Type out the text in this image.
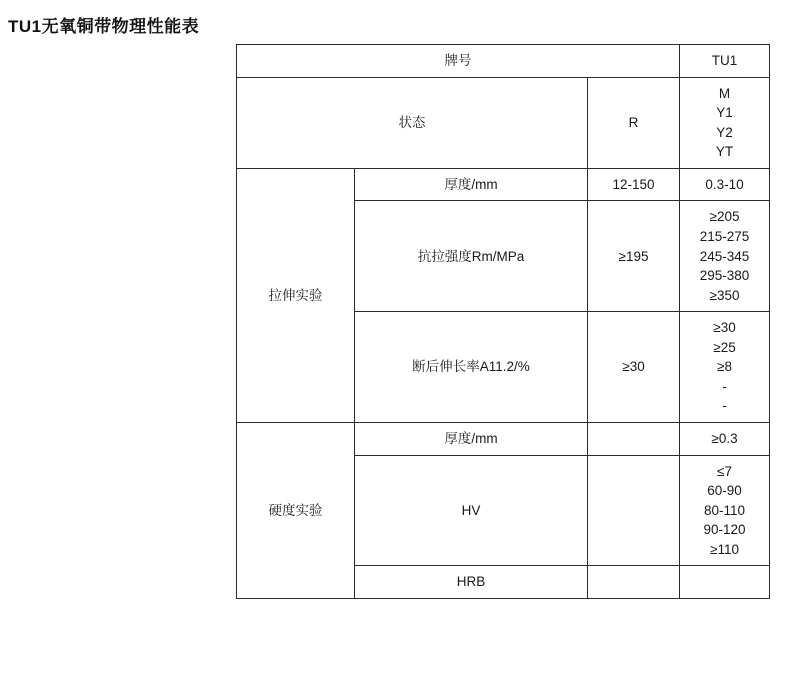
TU1无氧铜带物理性能表
牌号			TU1
状态		R	M
Y1
Y2
YT

拉伸实验	厚度/mm	12-150	0.3-10
	抗拉强度Rm/MPa	≥195	≥205
215-275
245-345
295-380
≥350

	断后伸长率A11.2/%	≥30	≥30
≥25
≥8
-
-

硬度实验	厚度/mm		≥0.3
	HV		≤7
60-90
80-110
90-120
≥110

	HRB		
